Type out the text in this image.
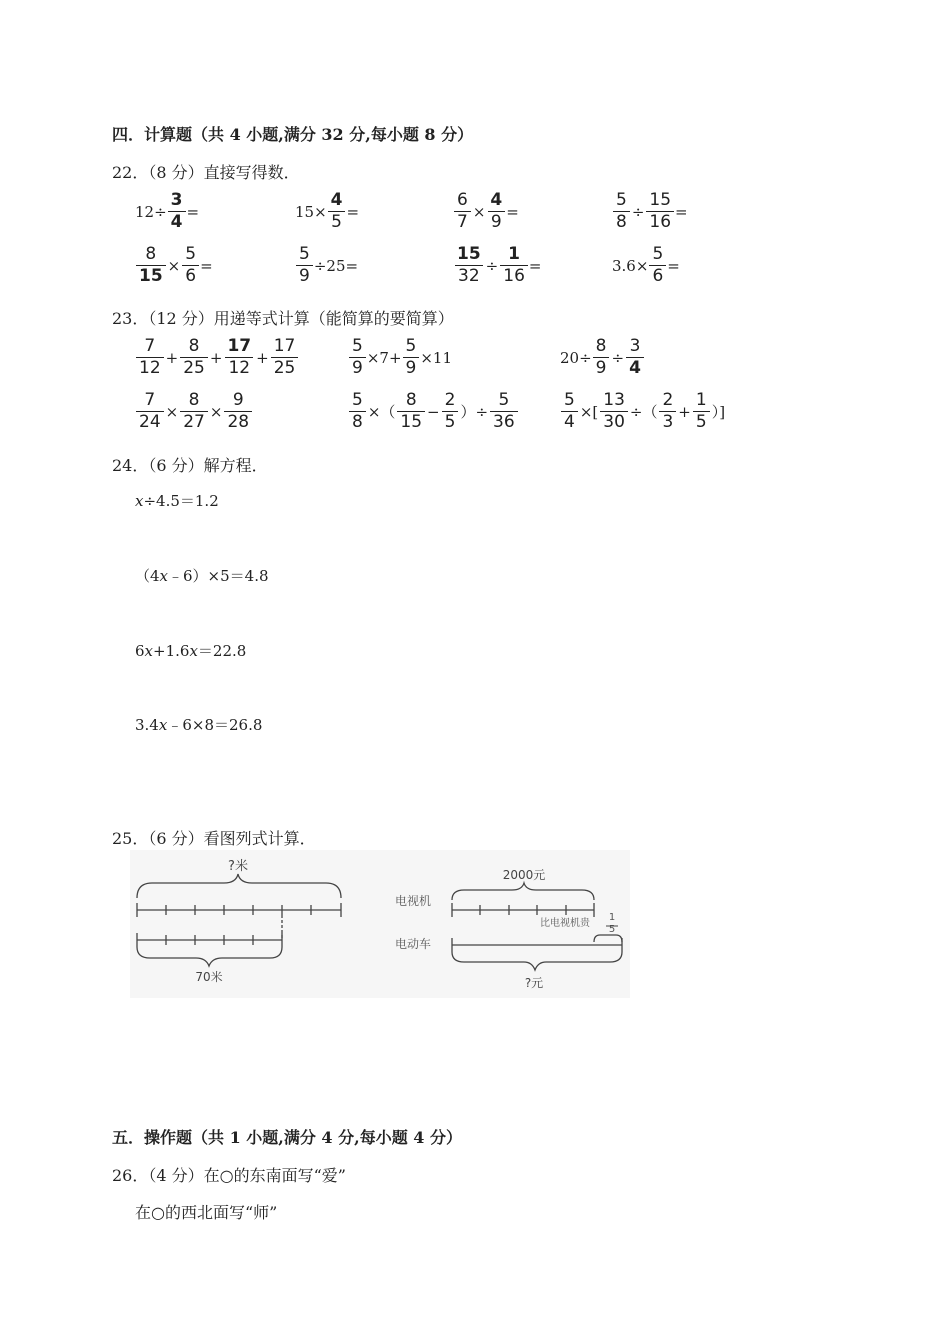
四．计算题（共 4 小题,满分 32 分,每小题 8 分）
22．（8 分）直接写得数．
$12\div \frac{3}{4}$ =	$15\times \frac{4}{5}$ =	$\frac{6}{7} \times \frac{4}{9}$ =	$\frac{5}{8} \div \frac{15}{16}$ =
$\frac{8}{15} \times \frac{5}{6}$ =	$\frac{5}{9} \div 25=$	$\frac{15}{32} \div \frac{1}{16}$ =	$3.6\times \frac{5}{6}$ =
23．（12 分）用递等式计算（能简算的要简算）
$\frac{7}{12} + \frac{8}{25} + \frac{17}{12} + \frac{17}{25}$	$\frac{5}{9} \times 7+ \frac{5}{9} \times 11$	$20\div \frac{8}{9} \div \frac{3}{4}$
$\frac{7}{24} \times \frac{8}{27} \times \frac{9}{28}$	$\frac{5}{8}$ ×（ $\frac{8}{15} - \frac{2}{5}$ ）÷ $\frac{5}{36}$	$\frac{5}{4}$ ×[ $\frac{13}{30}$ ÷（ $\frac{2}{3} + \frac{1}{5}$ ）]
24．（6 分）解方程．
x÷4.5＝1.2
（4x﹣6）×5＝4.8
6x+1.6x＝22.8
3.4x﹣6×8＝26.8
25．（6 分）看图列式计算．
?米
70米
电视机
电动车
2000元
比电视机贵
1
5
?元
五．操作题（共 1 小题,满分 4 分,每小题 4 分）
26．（4 分）在○的东南面写“爱”
在○的西北面写“师”
